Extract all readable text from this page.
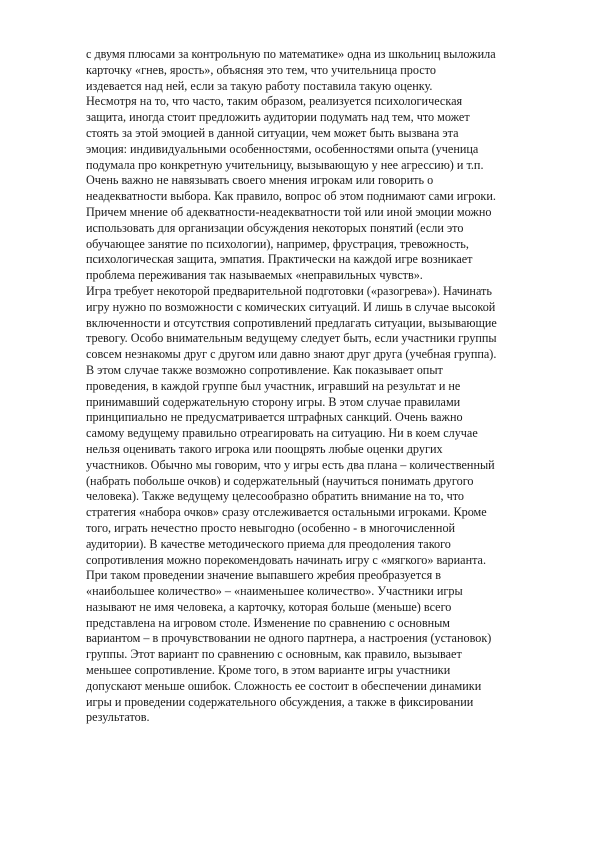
с двумя плюсами за контрольную по математике» одна из школьниц выложила
карточку «гнев, ярость», объясняя это тем, что учительница просто
издевается над ней, если за такую работу поставила такую оценку.
Несмотря на то, что часто, таким образом, реализуется психологическая
защита, иногда стоит предложить аудитории подумать над тем, что может
стоять за этой эмоцией в данной ситуации, чем может быть вызвана эта
эмоция: индивидуальными особенностями, особенностями опыта (ученица
подумала про конкретную учительницу, вызывающую у нее агрессию) и т.п.
Очень важно не навязывать своего мнения игрокам или говорить о
неадекватности выбора. Как правило, вопрос об этом поднимают сами игроки.
Причем мнение об адекватности-неадекватности той или иной эмоции можно
использовать для организации обсуждения некоторых понятий (если это
обучающее занятие по психологии), например, фрустрация, тревожность,
психологическая защита, эмпатия. Практически на каждой игре возникает
проблема переживания так называемых «неправильных чувств».
Игра требует некоторой предварительной подготовки («разогрева»). Начинать
игру нужно по возможности с комических ситуаций. И лишь в случае высокой
включенности и отсутствия сопротивлений предлагать ситуации, вызывающие
тревогу. Особо внимательным ведущему следует быть, если участники группы
совсем незнакомы друг с другом или давно знают друг друга (учебная группа).
В этом случае также возможно сопротивление. Как показывает опыт
проведения, в каждой группе был участник, игравший на результат и не
принимавший содержательную сторону игры. В этом случае правилами
принципиально не предусматривается штрафных санкций. Очень важно
самому ведущему правильно отреагировать на ситуацию. Ни в коем случае
нельзя оценивать такого игрока или поощрять любые оценки других
участников. Обычно мы говорим, что у игры есть два плана – количественный
(набрать побольше очков) и содержательный (научиться понимать другого
человека). Также ведущему целесообразно обратить внимание на то, что
стратегия «набора очков» сразу отслеживается остальными игроками. Кроме
того, играть нечестно просто невыгодно (особенно - в многочисленной
аудитории). В качестве методического приема для преодоления такого
сопротивления можно порекомендовать начинать игру с «мягкого» варианта.
При таком проведении значение выпавшего жребия преобразуется в
«наибольшее количество» – «наименьшее количество». Участники игры
называют не имя человека, а карточку, которая больше (меньше) всего
представлена на игровом столе. Изменение по сравнению с основным
вариантом – в прочувствовании не одного партнера, а настроения (установок)
группы. Этот вариант по сравнению с основным, как правило, вызывает
меньшее сопротивление. Кроме того, в этом варианте игры участники
допускают меньше ошибок. Сложность ее состоит в обеспечении динамики
игры и проведении содержательного обсуждения, а также в фиксировании
результатов.
